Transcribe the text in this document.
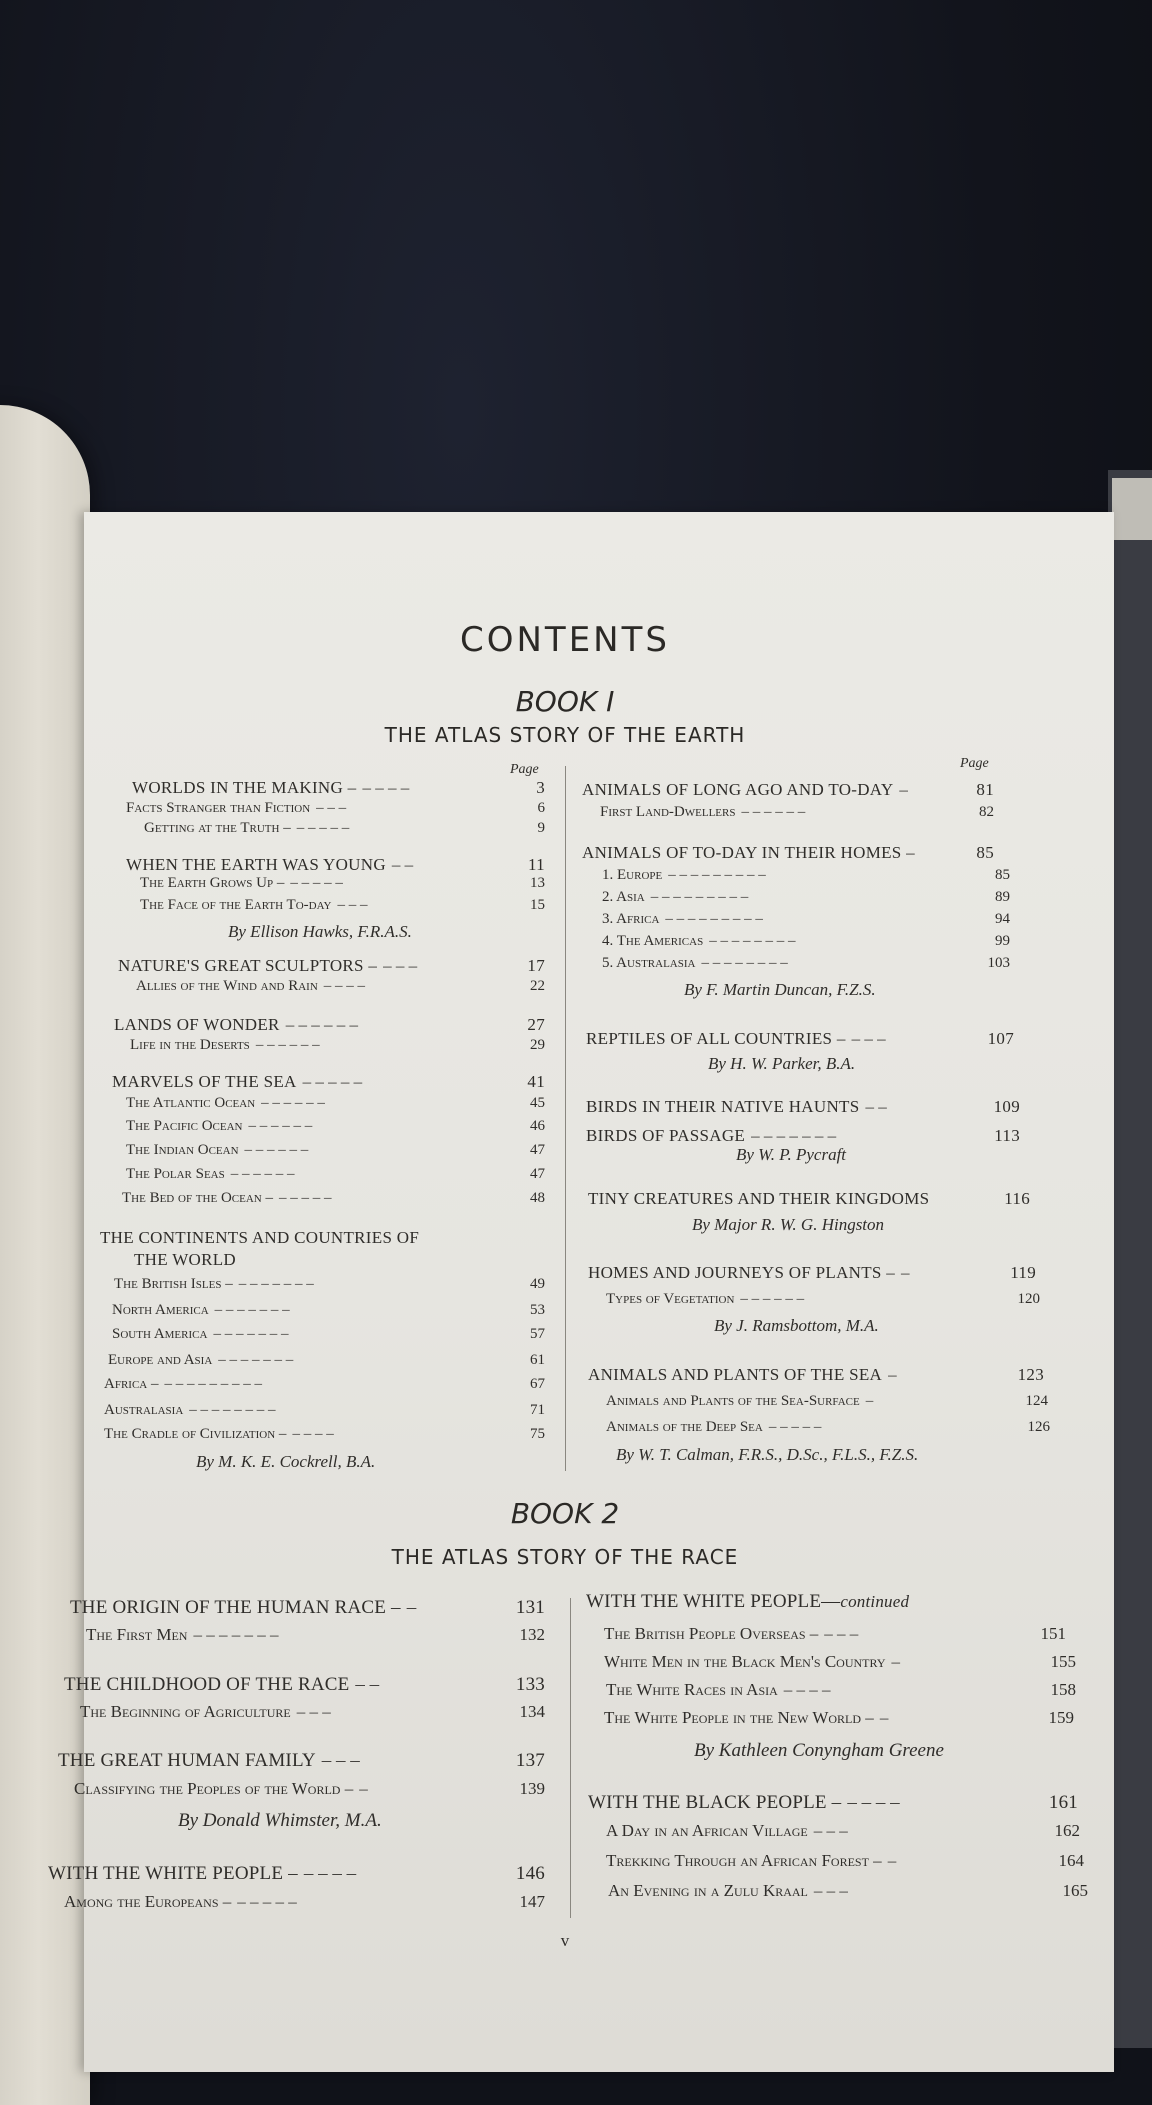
CONTENTS
BOOK I
THE ATLAS STORY OF THE EARTH
Page	Page
WORLDS IN THE MAKING – – – – –	3
Facts Stranger than Fiction – – –	6
Getting at the Truth – – – – – –	9
WHEN THE EARTH WAS YOUNG – –	11
The Earth Grows Up – – – – – –	13
The Face of the Earth To-day – – –	15
By Ellison Hawks, F.R.A.S.
NATURE'S GREAT SCULPTORS – – – –	17
Allies of the Wind and Rain – – – –	22
LANDS OF WONDER – – – – – –	27
Life in the Deserts – – – – – –	29
MARVELS OF THE SEA – – – – –	41
The Atlantic Ocean – – – – – –	45
The Pacific Ocean – – – – – –	46
The Indian Ocean – – – – – –	47
The Polar Seas – – – – – –	47
The Bed of the Ocean – – – – – –	48
THE CONTINENTS AND COUNTRIES OF
THE WORLD
The British Isles – – – – – – – –	49
North America – – – – – – –	53
South America – – – – – – –	57
Europe and Asia – – – – – – –	61
Africa – – – – – – – – – –	67
Australasia – – – – – – – –	71
The Cradle of Civilization – – – – –	75
By M. K. E. Cockrell, B.A.
ANIMALS OF LONG AGO AND TO-DAY –	81
First Land-Dwellers – – – – – –	82
ANIMALS OF TO-DAY IN THEIR HOMES –	85
1. Europe – – – – – – – – –	85
2. Asia – – – – – – – – –	89
3. Africa – – – – – – – – –	94
4. The Americas – – – – – – – –	99
5. Australasia – – – – – – – –	103
By F. Martin Duncan, F.Z.S.
REPTILES OF ALL COUNTRIES – – – –	107
By H. W. Parker, B.A.
BIRDS IN THEIR NATIVE HAUNTS – –	109
BIRDS OF PASSAGE – – – – – – –	113
By W. P. Pycraft
TINY CREATURES AND THEIR KINGDOMS	116
By Major R. W. G. Hingston
HOMES AND JOURNEYS OF PLANTS – –	119
Types of Vegetation – – – – – –	120
By J. Ramsbottom, M.A.
ANIMALS AND PLANTS OF THE SEA –	123
Animals and Plants of the Sea-Surface –	124
Animals of the Deep Sea – – – – –	126
By W. T. Calman, F.R.S., D.Sc., F.L.S., F.Z.S.
BOOK 2
THE ATLAS STORY OF THE RACE
THE ORIGIN OF THE HUMAN RACE – –	131
The First Men – – – – – – –	132
THE CHILDHOOD OF THE RACE – –	133
The Beginning of Agriculture – – –	134
THE GREAT HUMAN FAMILY – – –	137
Classifying the Peoples of the World – –	139
By Donald Whimster, M.A.
WITH THE WHITE PEOPLE – – – – –	146
Among the Europeans – – – – – –	147
WITH THE WHITE PEOPLE— continued
The British People Overseas – – – –	151
White Men in the Black Men's Country –	155
The White Races in Asia – – – –	158
The White People in the New World – –	159
By Kathleen Conyngham Greene
WITH THE BLACK PEOPLE – – – – –	161
A Day in an African Village – – –	162
Trekking Through an African Forest – –	164
An Evening in a Zulu Kraal – – –	165
v
